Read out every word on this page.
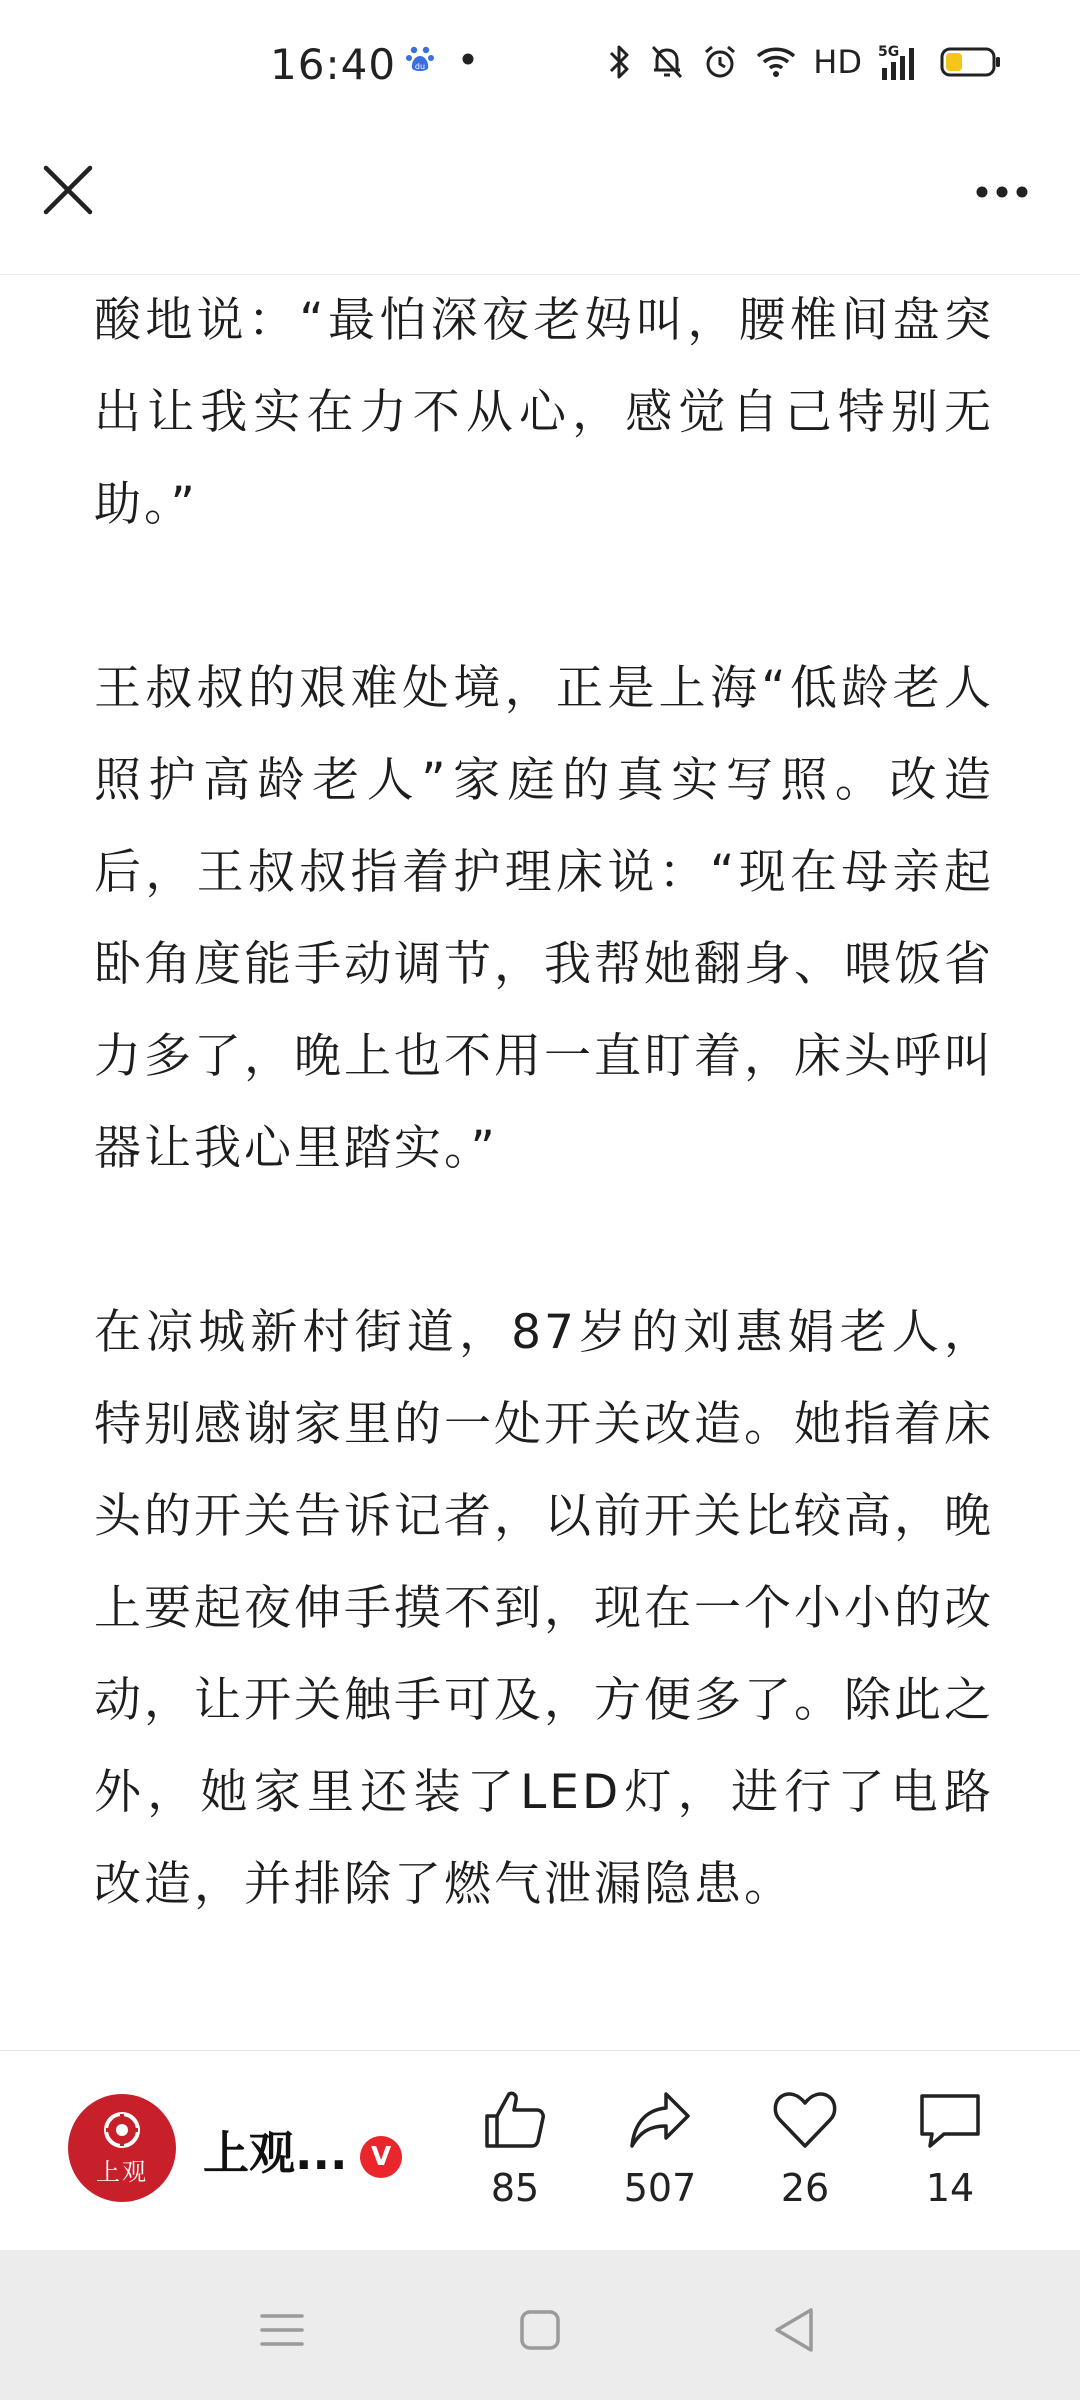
16:40 du	HD 5G

酸地说：“最怕深夜老妈叫，腰椎间盘突出让我实在力不从心，感觉自己特别无助。”

王叔叔的艰难处境，正是上海“低龄老人照护高龄老人”家庭的真实写照。改造后，王叔叔指着护理床说：“现在母亲起卧角度能手动调节，我帮她翻身、喂饭省力多了，晚上也不用一直盯着，床头呼叫器让我心里踏实。”

在凉城新村街道，87岁的刘惠娟老人，特别感谢家里的一处开关改造。她指着床头的开关告诉记者，以前开关比较高，晚上要起夜伸手摸不到，现在一个小小的改动，让开关触手可及，方便多了。除此之外，她家里还装了LED灯，进行了电路改造，并排除了燃气泄漏隐患。

上观 上观... V
85 507 26	14
